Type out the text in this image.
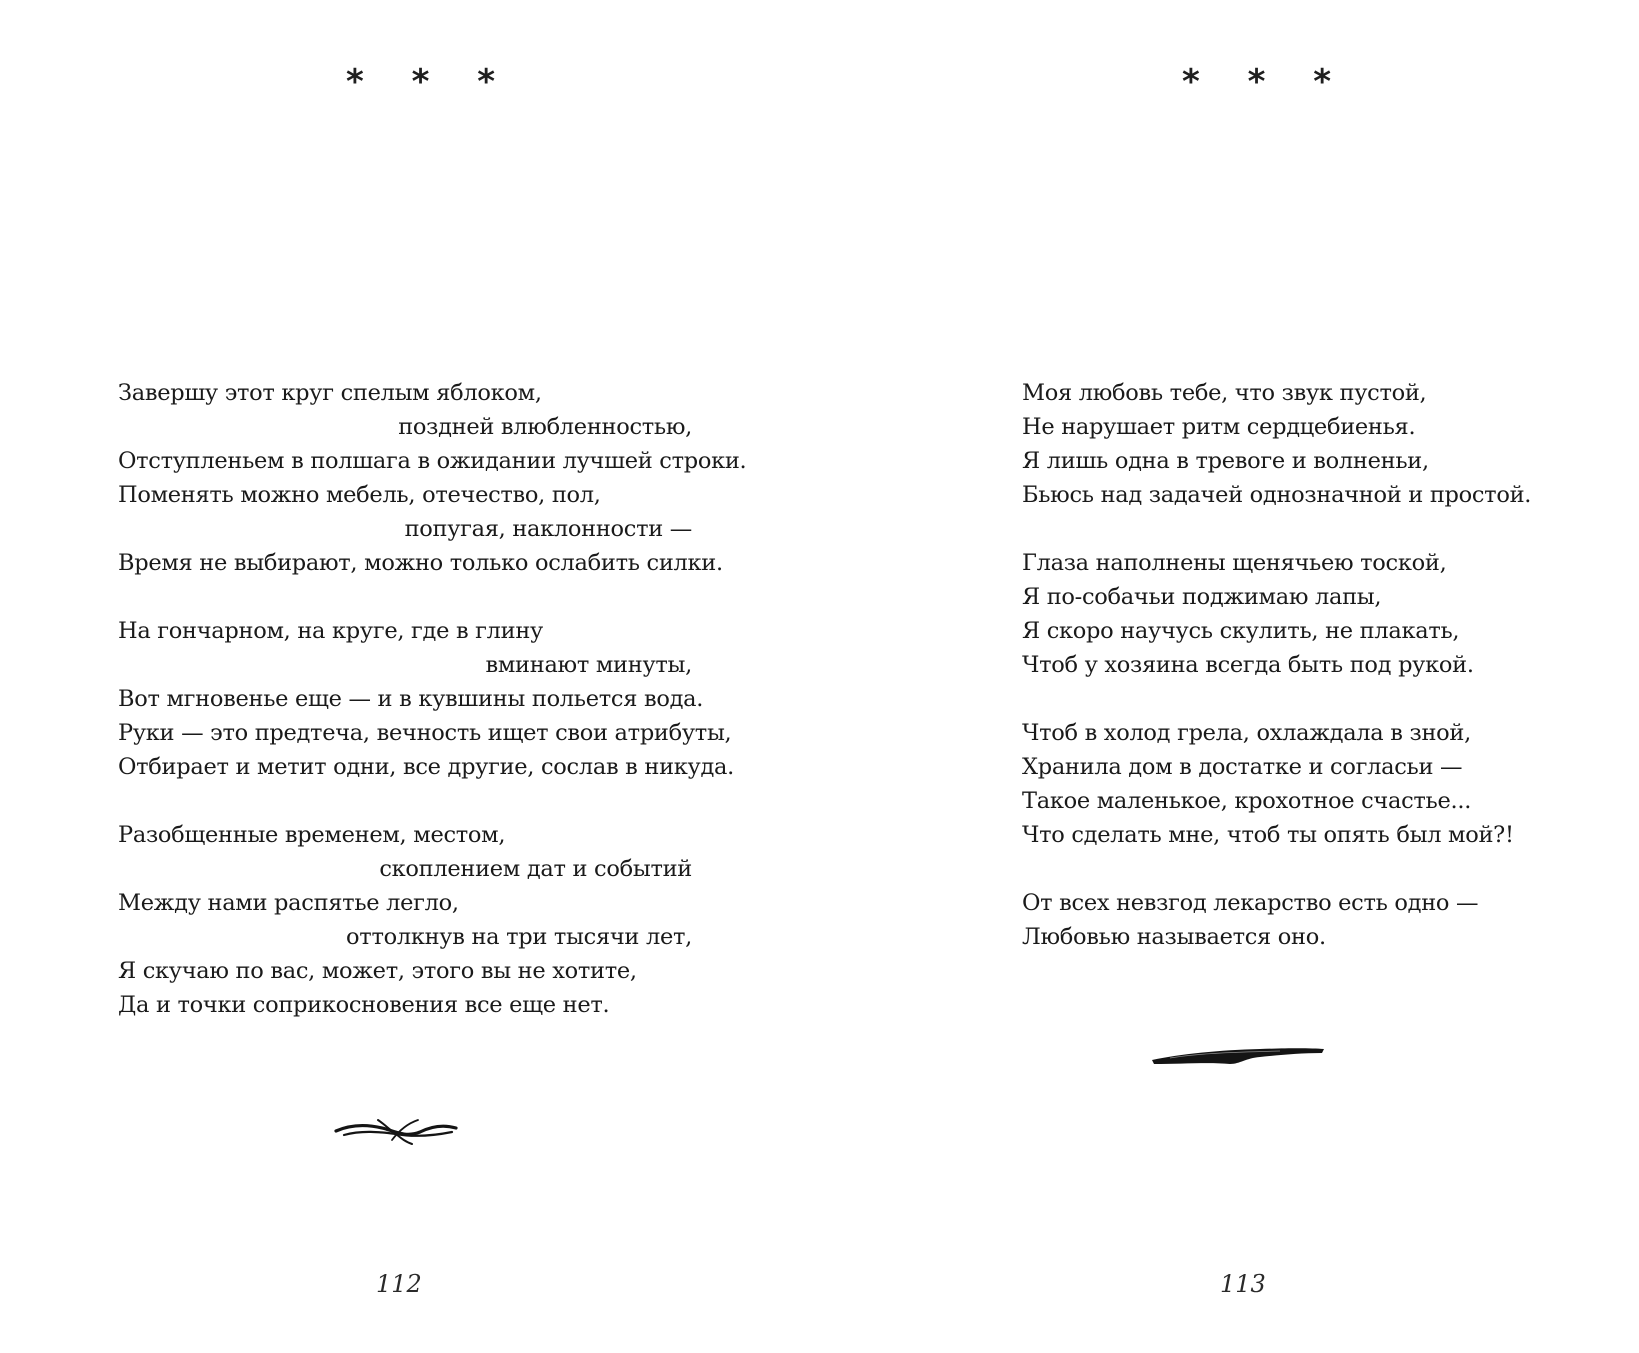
* * *
Завершу этот круг спелым яблоком,
поздней влюбленностью,
Отступленьем в полшага в ожидании лучшей строки.
Поменять можно мебель, отечество, пол,
попугая, наклонности —
Время не выбирают, можно только ослабить силки.
На гончарном, на круге, где в глину
вминают минуты,
Вот мгновенье еще — и в кувшины польется вода.
Руки — это предтеча, вечность ищет свои атрибуты,
Отбирает и метит одни, все другие, сослав в никуда.
Разобщенные временем, местом,
скоплением дат и событий
Между нами распятье легло,
оттолкнув на три тысячи лет,
Я скучаю по вас, может, этого вы не хотите,
Да и точки соприкосновения все еще нет.
112
* * *
Моя любовь тебе, что звук пустой,
Не нарушает ритм сердцебиенья.
Я лишь одна в тревоге и волненьи,
Бьюсь над задачей однозначной и простой.
Глаза наполнены щенячьею тоской,
Я по-собачьи поджимаю лапы,
Я скоро научусь скулить, не плакать,
Чтоб у хозяина всегда быть под рукой.
Чтоб в холод грела, охлаждала в зной,
Хранила дом в достатке и согласьи —
Такое маленькое, крохотное счастье...
Что сделать мне, чтоб ты опять был мой?!
От всех невзгод лекарство есть одно —
Любовью называется оно.
113
